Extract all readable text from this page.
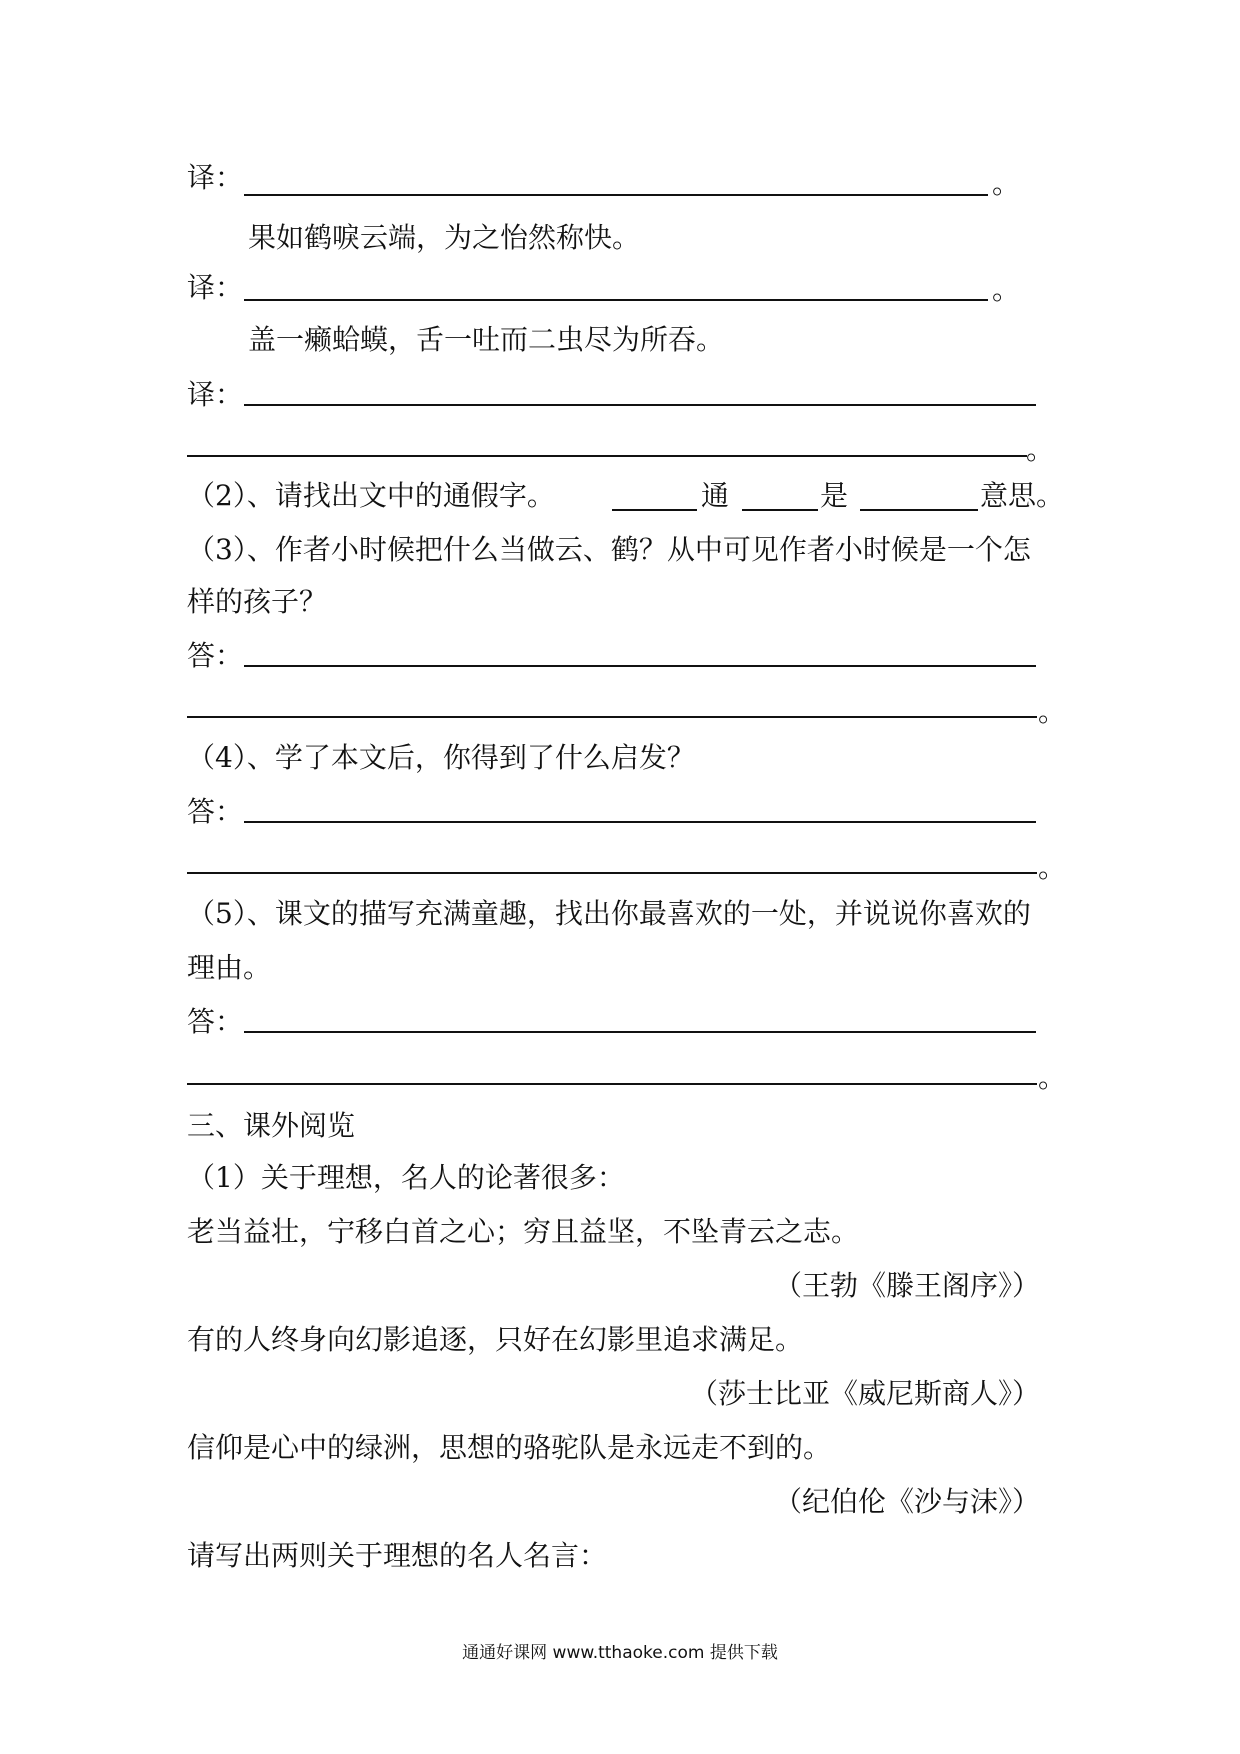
译：	。
果如鹤唳云端，为之怡然称快。
译：	。
盖一癞蛤蟆，舌一吐而二虫尽为所吞。
译：
。
（2）、请找出文中的通假字。	通	是	意思。
（3）、作者小时候把什么当做云、鹤？从中可见作者小时候是一个怎
样的孩子？
答：
。
（4）、学了本文后，你得到了什么启发？
答：
。
（5）、课文的描写充满童趣，找出你最喜欢的一处，并说说你喜欢的
理由。
答：
。
三、课外阅览
（1）关于理想，名人的论著很多：
老当益壮，宁移白首之心；穷且益坚，不坠青云之志。
（王勃《滕王阁序》）
有的人终身向幻影追逐，只好在幻影里追求满足。
（莎士比亚《威尼斯商人》）
信仰是心中的绿洲，思想的骆驼队是永远走不到的。
（纪伯伦《沙与沫》）
请写出两则关于理想的名人名言：
通通好课网 www.tthaoke.com 提供下载
